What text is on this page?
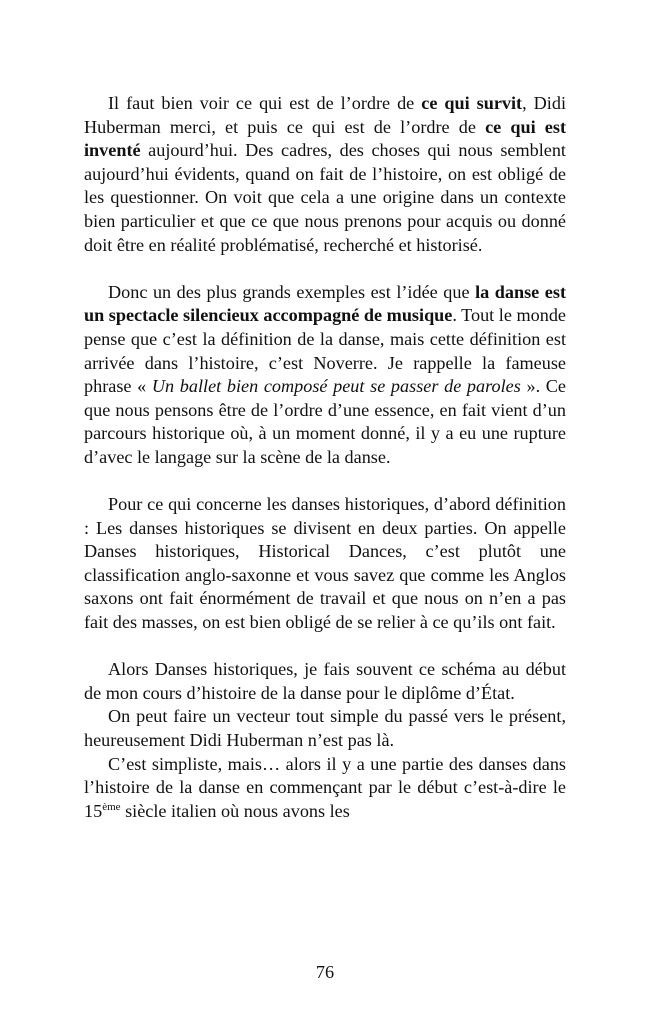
Il faut bien voir ce qui est de l’ordre de ce qui survit, Didi Huberman merci, et puis ce qui est de l’ordre de ce qui est inventé aujourd’hui. Des cadres, des choses qui nous semblent aujourd’hui évidents, quand on fait de l’histoire, on est obligé de les questionner. On voit que cela a une origine dans un contexte bien particulier et que ce que nous prenons pour acquis ou donné doit être en réalité problématisé, recherché et historisé.

Donc un des plus grands exemples est l’idée que la danse est un spectacle silencieux accompagné de musique. Tout le monde pense que c’est la définition de la danse, mais cette définition est arrivée dans l’histoire, c’est Noverre. Je rappelle la fameuse phrase « Un ballet bien composé peut se passer de paroles ». Ce que nous pensons être de l’ordre d’une essence, en fait vient d’un parcours historique où, à un moment donné, il y a eu une rupture d’avec le langage sur la scène de la danse.

Pour ce qui concerne les danses historiques, d’abord définition : Les danses historiques se divisent en deux parties. On appelle Danses historiques, Historical Dances, c’est plutôt une classification anglo-saxonne et vous savez que comme les Anglos saxons ont fait énormément de travail et que nous on n’en a pas fait des masses, on est bien obligé de se relier à ce qu’ils ont fait.

Alors Danses historiques, je fais souvent ce schéma au début de mon cours d’histoire de la danse pour le diplôme d’État.

On peut faire un vecteur tout simple du passé vers le présent, heureusement Didi Huberman n’est pas là.

C’est simpliste, mais… alors il y a une partie des danses dans l’histoire de la danse en commençant par le début c’est-à-dire le 15ème siècle italien où nous avons les

76
